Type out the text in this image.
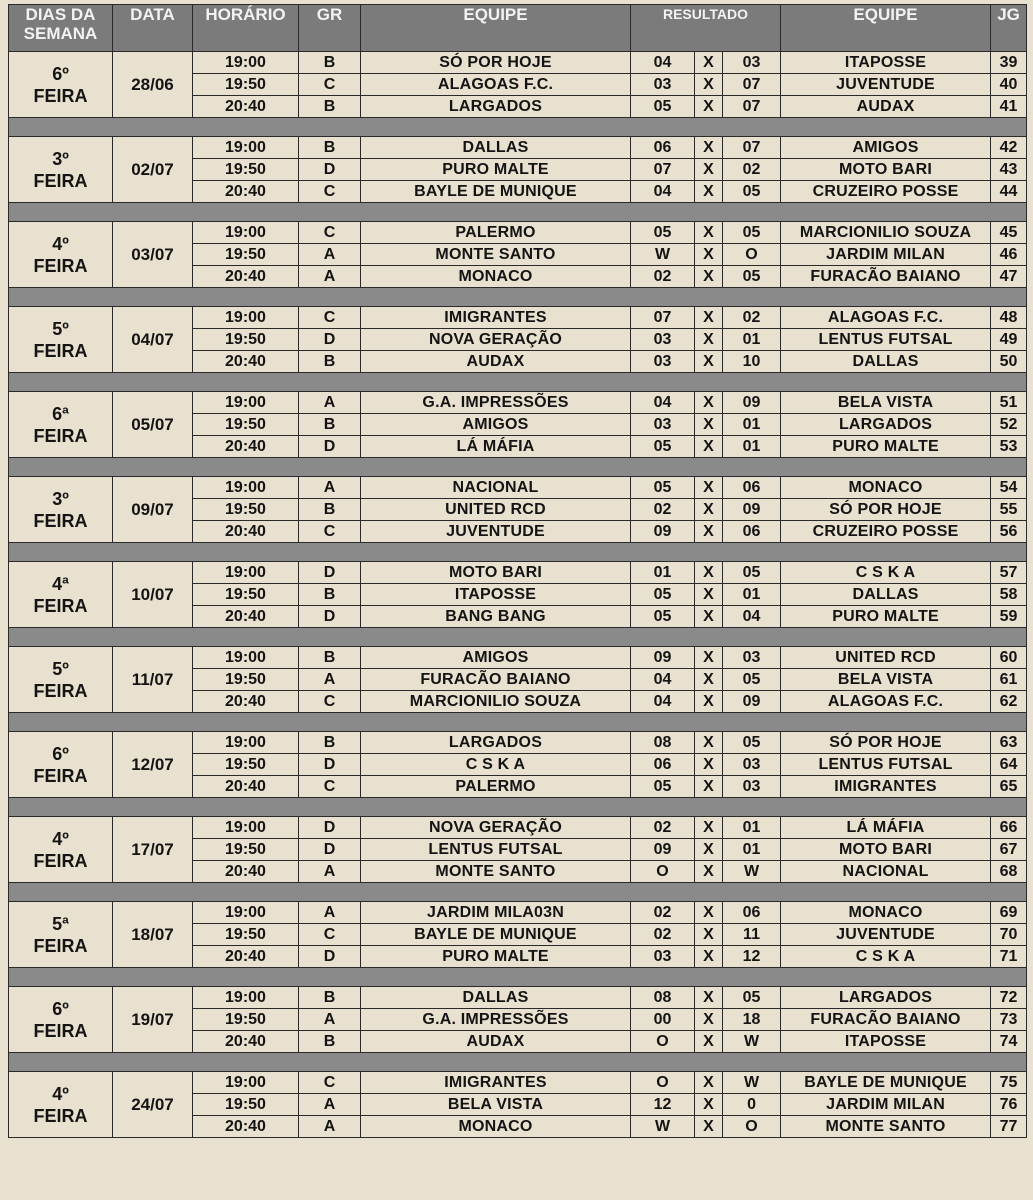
DIAS DA SEMANA	DATA	HORÁRIO	GR	EQUIPE	RESULTADO			EQUIPE	JG

6º
FEIRA	28/06	19:00	B	SÓ POR HOJE	04	X	03	ITAPOSSE	39
		19:50	C	ALAGOAS F.C.	03	X	07	JUVENTUDE	40
		20:40	B	LARGADOS	05	X	07	AUDAX	41

3º
FEIRA	02/07	19:00	B	DALLAS	06	X	07	AMIGOS	42
		19:50	D	PURO MALTE	07	X	02	MOTO BARI	43
		20:40	C	BAYLE DE MUNIQUE	04	X	05	CRUZEIRO POSSE	44

4º
FEIRA	03/07	19:00	C	PALERMO	05	X	05	MARCIONILIO SOUZA	45
		19:50	A	MONTE SANTO	W	X	O	JARDIM MILAN	46
		20:40	A	MONACO	02	X	05	FURACÃO BAIANO	47

5º
FEIRA	04/07	19:00	C	IMIGRANTES	07	X	02	ALAGOAS F.C.	48
		19:50	D	NOVA GERAÇÃO	03	X	01	LENTUS FUTSAL	49
		20:40	B	AUDAX	03	X	10	DALLAS	50

6ª
FEIRA	05/07	19:00	A	G.A. IMPRESSÕES	04	X	09	BELA VISTA	51
		19:50	B	AMIGOS	03	X	01	LARGADOS	52
		20:40	D	LÁ MÁFIA	05	X	01	PURO MALTE	53

3º
FEIRA	09/07	19:00	A	NACIONAL	05	X	06	MONACO	54
		19:50	B	UNITED RCD	02	X	09	SÓ POR HOJE	55
		20:40	C	JUVENTUDE	09	X	06	CRUZEIRO POSSE	56

4ª
FEIRA	10/07	19:00	D	MOTO BARI	01	X	05	C S K A	57
		19:50	B	ITAPOSSE	05	X	01	DALLAS	58
		20:40	D	BANG BANG	05	X	04	PURO MALTE	59

5º
FEIRA	11/07	19:00	B	AMIGOS	09	X	03	UNITED RCD	60
		19:50	A	FURACÃO BAIANO	04	X	05	BELA VISTA	61
		20:40	C	MARCIONILIO SOUZA	04	X	09	ALAGOAS F.C.	62

6º
FEIRA	12/07	19:00	B	LARGADOS	08	X	05	SÓ POR HOJE	63
		19:50	D	C S K A	06	X	03	LENTUS FUTSAL	64
		20:40	C	PALERMO	05	X	03	IMIGRANTES	65

4º
FEIRA	17/07	19:00	D	NOVA GERAÇÃO	02	X	01	LÁ MÁFIA	66
		19:50	D	LENTUS FUTSAL	09	X	01	MOTO BARI	67
		20:40	A	MONTE SANTO	O	X	W	NACIONAL	68

5ª
FEIRA	18/07	19:00	A	JARDIM MILA03N	02	X	06	MONACO	69
		19:50	C	BAYLE DE MUNIQUE	02	X	11	JUVENTUDE	70
		20:40	D	PURO MALTE	03	X	12	C S K A	71

6º
FEIRA	19/07	19:00	B	DALLAS	08	X	05	LARGADOS	72
		19:50	A	G.A. IMPRESSÕES	00	X	18	FURACÃO BAIANO	73
		20:40	B	AUDAX	O	X	W	ITAPOSSE	74

4º
FEIRA	24/07	19:00	C	IMIGRANTES	O	X	W	BAYLE DE MUNIQUE	75
		19:50	A	BELA VISTA	12	X	0	JARDIM MILAN	76
		20:40	A	MONACO	W	X	O	MONTE SANTO	77
